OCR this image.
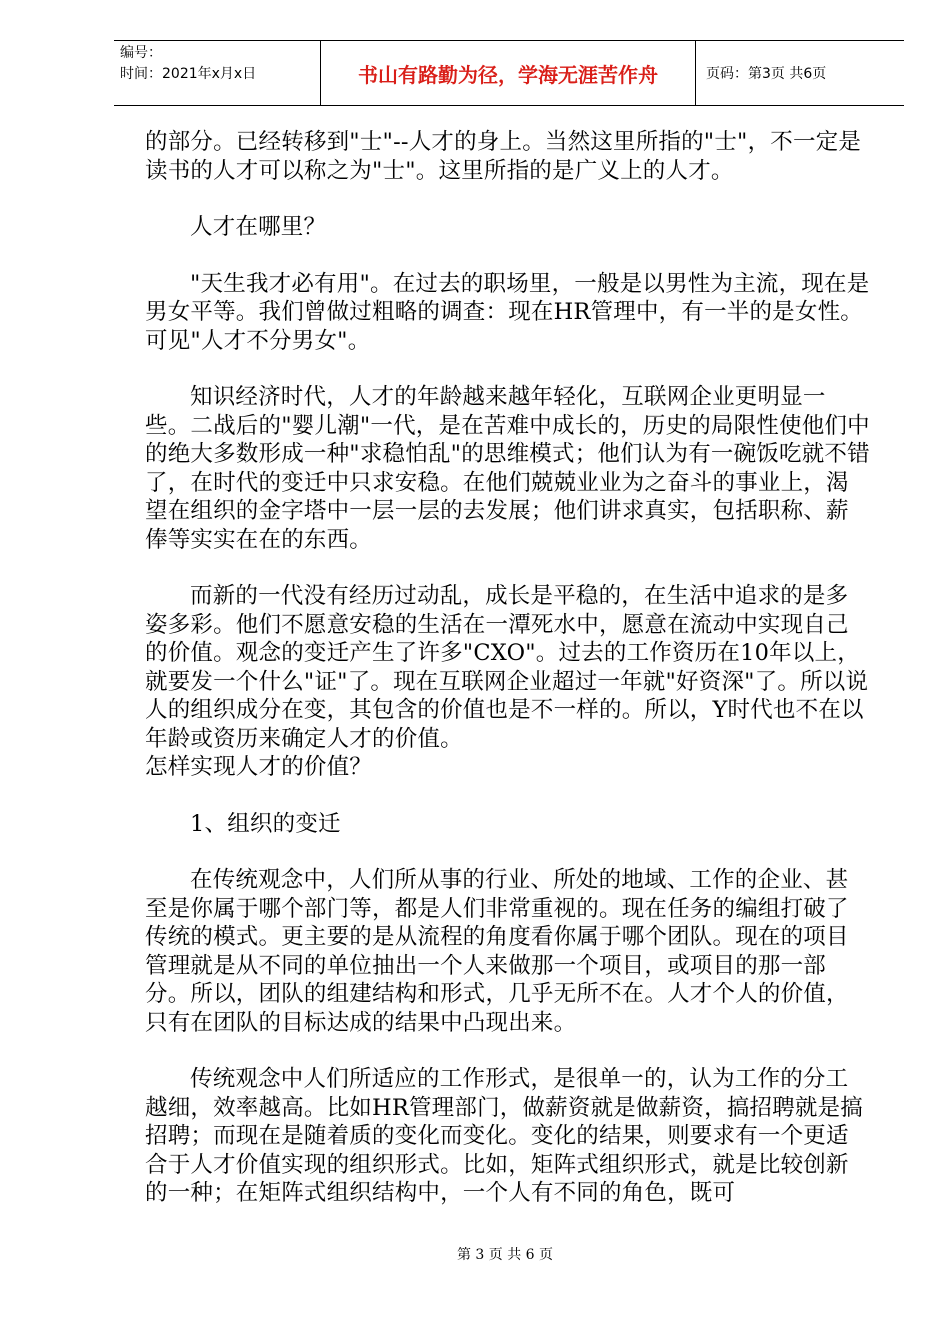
编号：
时间：2021年x月x日	书山有路勤为径，学海无涯苦作舟	页码：第3页 共6页

的部分。已经转移到"士"--人才的身上。当然这里所指的"士"，不一定是读书的人才可以称之为"士"。这里所指的是广义上的人才。

人才在哪里？

"天生我才必有用"。在过去的职场里，一般是以男性为主流，现在是男女平等。我们曾做过粗略的调查：现在HR管理中，有一半的是女性。可见"人才不分男女"。

知识经济时代，人才的年龄越来越年轻化，互联网企业更明显一些。二战后的"婴儿潮"一代，是在苦难中成长的，历史的局限性使他们中的绝大多数形成一种"求稳怕乱"的思维模式；他们认为有一碗饭吃就不错了，在时代的变迁中只求安稳。在他们兢兢业业为之奋斗的事业上，渴望在组织的金字塔中一层一层的去发展；他们讲求真实，包括职称、薪俸等实实在在的东西。

而新的一代没有经历过动乱，成长是平稳的，在生活中追求的是多姿多彩。他们不愿意安稳的生活在一潭死水中，愿意在流动中实现自己的价值。观念的变迁产生了许多"CXO"。过去的工作资历在10年以上，就要发一个什么"证"了。现在互联网企业超过一年就"好资深"了。所以说人的组织成分在变，其包含的价值也是不一样的。所以，Y时代也不在以年龄或资历来确定人才的价值。

怎样实现人才的价值？

1、组织的变迁

在传统观念中，人们所从事的行业、所处的地域、工作的企业、甚至是你属于哪个部门等，都是人们非常重视的。现在任务的编组打破了传统的模式。更主要的是从流程的角度看你属于哪个团队。现在的项目管理就是从不同的单位抽出一个人来做那一个项目，或项目的那一部分。所以，团队的组建结构和形式，几乎无所不在。人才个人的价值，只有在团队的目标达成的结果中凸现出来。

传统观念中人们所适应的工作形式，是很单一的，认为工作的分工越细，效率越高。比如HR管理部门，做薪资就是做薪资，搞招聘就是搞招聘；而现在是随着质的变化而变化。变化的结果，则要求有一个更适合于人才价值实现的组织形式。比如，矩阵式组织形式，就是比较创新的一种；在矩阵式组织结构中，一个人有不同的角色，既可

第 3 页 共 6 页
